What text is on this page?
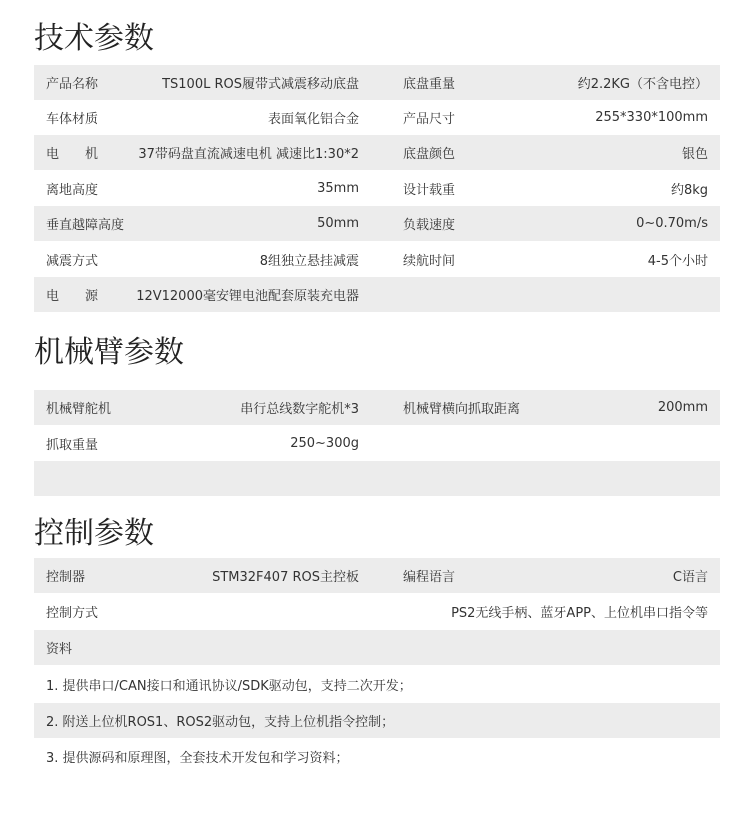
技术参数
产品名称	TS100L ROS履带式减震移动底盘	底盘重量	约2.2KG（不含电控）
车体材质	表面氧化铝合金	产品尺寸	255*330*100mm
电　　机	37带码盘直流减速电机 减速比1:30*2	底盘颜色	银色
离地高度	35mm	设计载重	约8kg
垂直越障高度	50mm	负载速度	0~0.70m/s
减震方式	8组独立悬挂减震	续航时间	4-5个小时
电　　源	12V12000毫安锂电池配套原装充电器
机械臂参数
机械臂舵机	串行总线数字舵机*3	机械臂横向抓取距离	200mm
抓取重量	250~300g
控制参数
控制器	STM32F407 ROS主控板	编程语言	C语言
控制方式	PS2无线手柄、蓝牙APP、上位机串口指令等
资料
1. 提供串口/CAN接口和通讯协议/SDK驱动包，支持二次开发；
2. 附送上位机ROS1、ROS2驱动包，支持上位机指令控制；
3. 提供源码和原理图，全套技术开发包和学习资料；
